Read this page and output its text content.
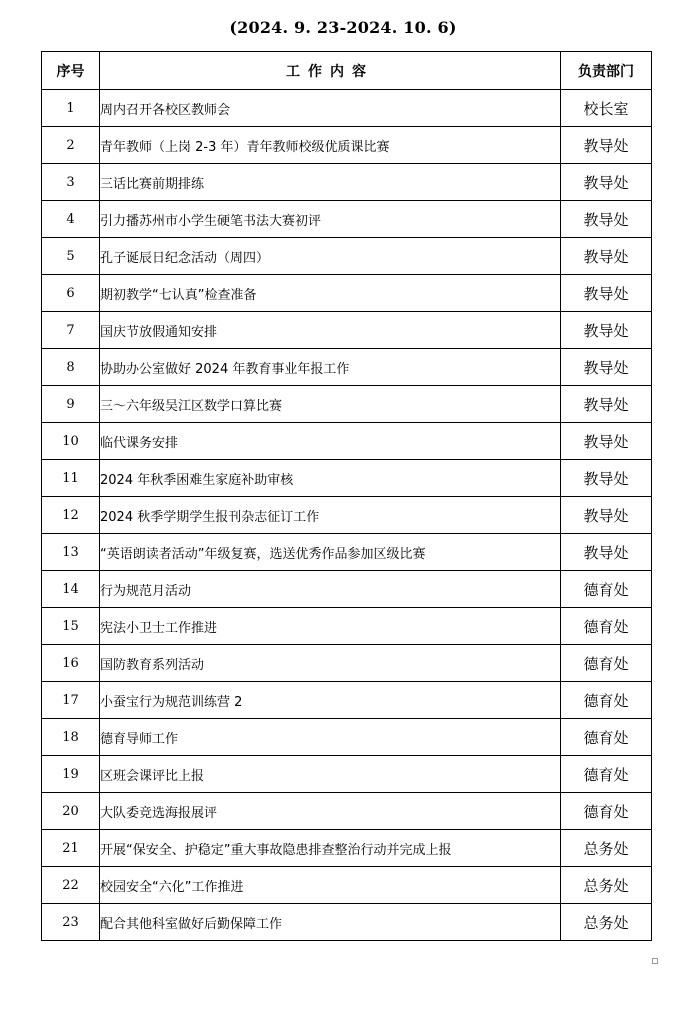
(2024. 9. 23-2024. 10. 6)
序号	工作内容	负责部门
1	周内召开各校区教师会	校长室
2	青年教师（上岗 2-3 年）青年教师校级优质课比赛	教导处
3	三话比赛前期排练	教导处
4	引力播苏州市小学生硬笔书法大赛初评	教导处
5	孔子诞辰日纪念活动（周四）	教导处
6	期初教学“七认真”检查准备	教导处
7	国庆节放假通知安排	教导处
8	协助办公室做好 2024 年教育事业年报工作	教导处
9	三～六年级吴江区数学口算比赛	教导处
10	临代课务安排	教导处
11	2024 年秋季困难生家庭补助审核	教导处
12	2024 秋季学期学生报刊杂志征订工作	教导处
13	“英语朗读者活动”年级复赛，选送优秀作品参加区级比赛	教导处
14	行为规范月活动	德育处
15	宪法小卫士工作推进	德育处
16	国防教育系列活动	德育处
17	小蚕宝行为规范训练营 2	德育处
18	德育导师工作	德育处
19	区班会课评比上报	德育处
20	大队委竞选海报展评	德育处
21	开展“保安全、护稳定”重大事故隐患排查整治行动并完成上报	总务处
22	校园安全“六化”工作推进	总务处
23	配合其他科室做好后勤保障工作	总务处
